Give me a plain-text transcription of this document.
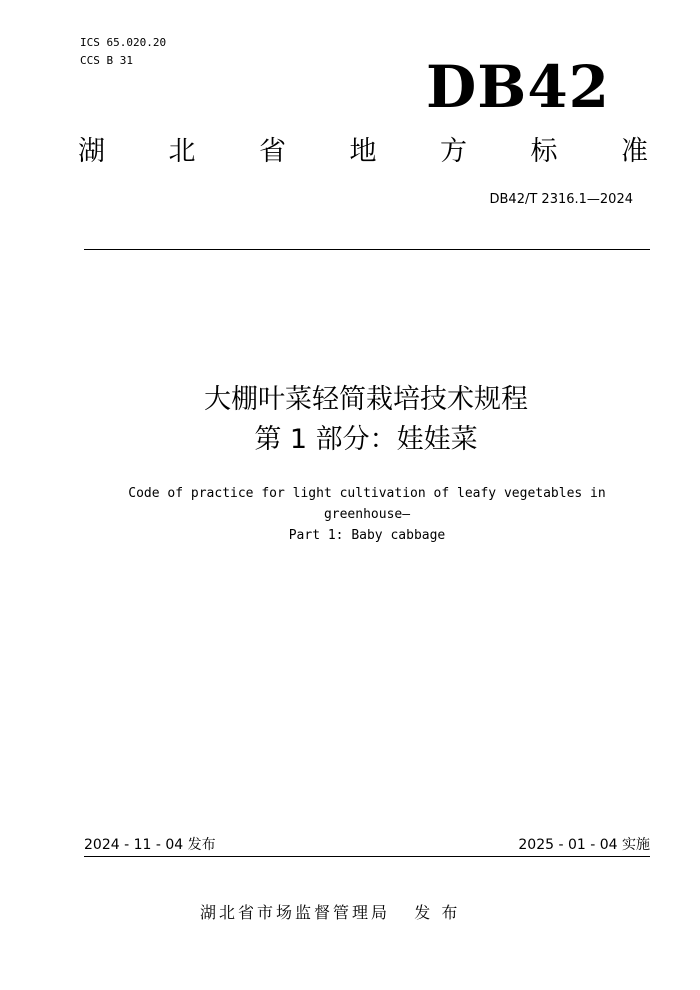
ICS 65.020.20
CCS B 31	DB42
湖 北 省 地 方 标 准
DB42/T 2316.1—2024
大棚叶菜轻简栽培技术规程
第 1 部分：娃娃菜
Code of practice for light cultivation of leafy vegetables in
greenhouse—
Part 1: Baby cabbage
2024 - 11 - 04 发布	2025 - 01 - 04 实施
湖北省市场监督管理局   发 布
